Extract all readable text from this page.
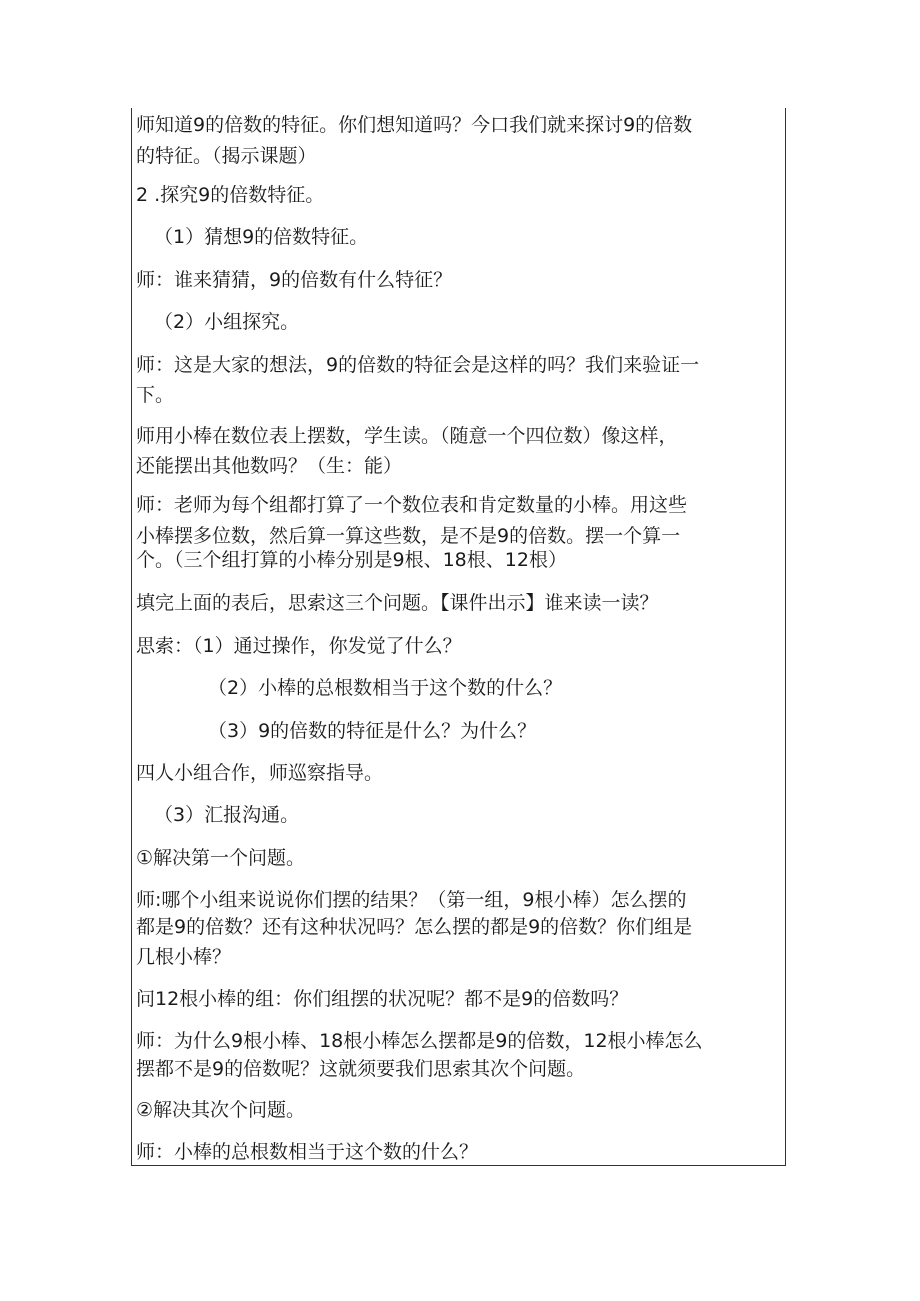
师知道9的倍数的特征。你们想知道吗？今口我们就来探讨9的倍数
的特征。（揭示课题）
2 .探究9的倍数特征。
（1）猜想9的倍数特征。
师：谁来猜猜，9的倍数有什么特征？
（2）小组探究。
师：这是大家的想法，9的倍数的特征会是这样的吗？我们来验证一
下。
师用小棒在数位表上摆数，学生读。（随意一个四位数）像这样，
还能摆出其他数吗？（生：能）
师：老师为每个组都打算了一个数位表和肯定数量的小棒。用这些
小棒摆多位数，然后算一算这些数，是不是9的倍数。摆一个算一
个。（三个组打算的小棒分别是9根、18根、12根）
填完上面的表后，思索这三个问题。【课件出示】谁来读一读？
思索：（1）通过操作，你发觉了什么？
（2）小棒的总根数相当于这个数的什么？
（3）9的倍数的特征是什么？为什么？
四人小组合作，师巡察指导。
（3）汇报沟通。
①解决第一个问题。
师:哪个小组来说说你们摆的结果？（第一组，9根小棒）怎么摆的
都是9的倍数？还有这种状况吗？怎么摆的都是9的倍数？你们组是
几根小棒？
问12根小棒的组：你们组摆的状况呢？都不是9的倍数吗？
师：为什么9根小棒、18根小棒怎么摆都是9的倍数，12根小棒怎么
摆都不是9的倍数呢？这就须要我们思索其次个问题。
②解决其次个问题。
师：小棒的总根数相当于这个数的什么？
